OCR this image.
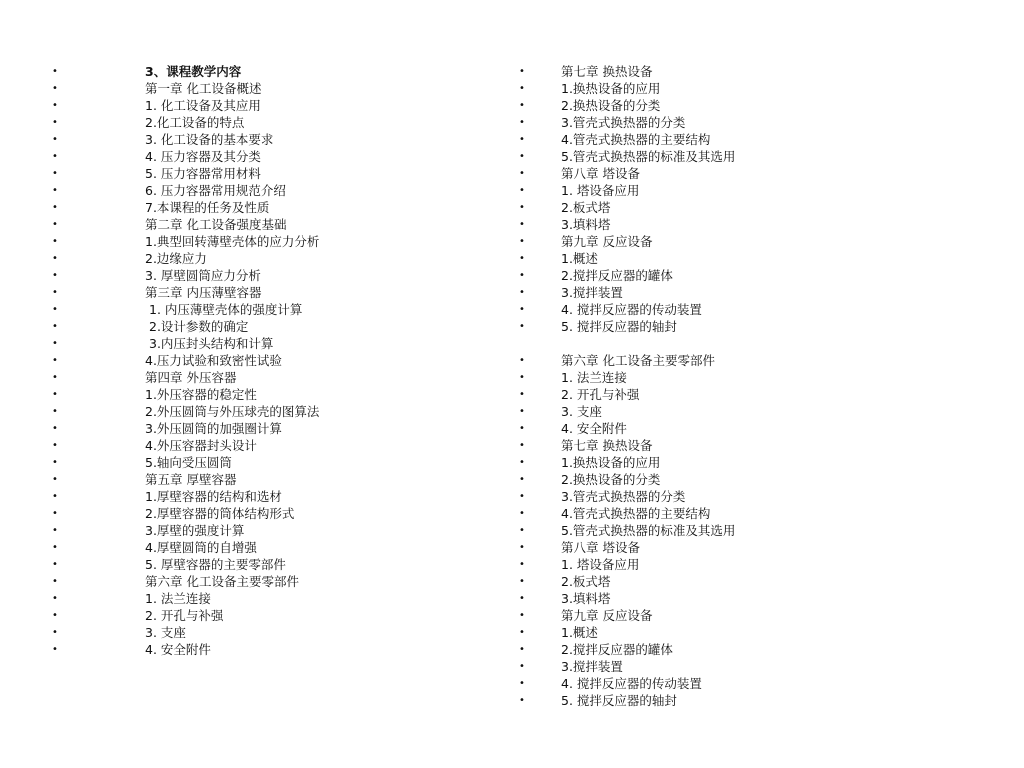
•	3、课程教学内容
•	第一章 化工设备概述
•	1. 化工设备及其应用
•	2.化工设备的特点
•	3. 化工设备的基本要求
•	4. 压力容器及其分类
•	5. 压力容器常用材料
•	6. 压力容器常用规范介绍
•	7.本课程的任务及性质
•	第二章 化工设备强度基础
•	1.典型回转薄壁壳体的应力分析
•	2.边缘应力
•	3. 厚壁圆筒应力分析
•	第三章 内压薄壁容器
•	1. 内压薄壁壳体的强度计算
•	2.设计参数的确定
•	3.内压封头结构和计算
•	4.压力试验和致密性试验
•	第四章 外压容器
•	1.外压容器的稳定性
•	2.外压圆筒与外压球壳的图算法
•	3.外压圆筒的加强圈计算
•	4.外压容器封头设计
•	5.轴向受压圆筒
•	第五章 厚壁容器
•	1.厚壁容器的结构和选材
•	2.厚壁容器的筒体结构形式
•	3.厚壁的强度计算
•	4.厚壁圆筒的自增强
•	5. 厚壁容器的主要零部件
•	第六章 化工设备主要零部件
•	1. 法兰连接
•	2. 开孔与补强
•	3. 支座
•	4. 安全附件
•	第七章 换热设备
•	1.换热设备的应用
•	2.换热设备的分类
•	3.管壳式换热器的分类
•	4.管壳式换热器的主要结构
•	5.管壳式换热器的标准及其选用
•	第八章 塔设备
•	1. 塔设备应用
•	2.板式塔
•	3.填料塔
•	第九章 反应设备
•	1.概述
•	2.搅拌反应器的罐体
•	3.搅拌装置
•	4. 搅拌反应器的传动装置
•	5. 搅拌反应器的轴封
•	第六章 化工设备主要零部件
•	1. 法兰连接
•	2. 开孔与补强
•	3. 支座
•	4. 安全附件
•	第七章 换热设备
•	1.换热设备的应用
•	2.换热设备的分类
•	3.管壳式换热器的分类
•	4.管壳式换热器的主要结构
•	5.管壳式换热器的标准及其选用
•	第八章 塔设备
•	1. 塔设备应用
•	2.板式塔
•	3.填料塔
•	第九章 反应设备
•	1.概述
•	2.搅拌反应器的罐体
•	3.搅拌装置
•	4. 搅拌反应器的传动装置
•	5. 搅拌反应器的轴封
